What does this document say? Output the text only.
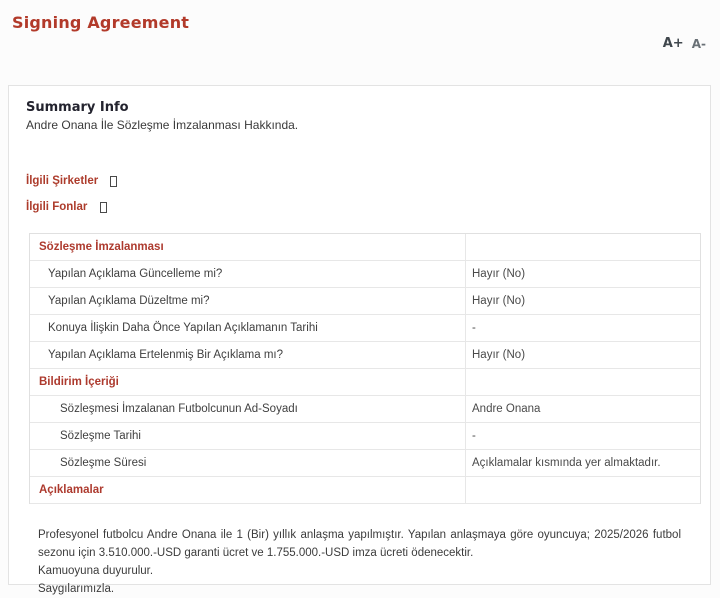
Signing Agreement
A+ A-
Summary Info
Andre Onana İle Sözleşme İmzalanması Hakkında.
İlgili Şirketler
İlgili Fonlar
Sözleşme İmzalanması
Yapılan Açıklama Güncelleme mi?	Hayır (No)
Yapılan Açıklama Düzeltme mi?	Hayır (No)
Konuya İlişkin Daha Önce Yapılan Açıklamanın Tarihi	-
Yapılan Açıklama Ertelenmiş Bir Açıklama mı?	Hayır (No)
Bildirim İçeriği
Sözleşmesi İmzalanan Futbolcunun Ad-Soyadı	Andre Onana
Sözleşme Tarihi	-
Sözleşme Süresi	Açıklamalar kısmında yer almaktadır.
Açıklamalar

Profesyonel futbolcu Andre Onana ile 1 (Bir) yıllık anlaşma yapılmıştır. Yapılan anlaşmaya göre oyuncuya; 2025/2026 futbol sezonu için 3.510.000.-USD garanti ücret ve 1.755.000.-USD imza ücreti ödenecektir.

Kamuoyuna duyurulur.

Saygılarımızla.
